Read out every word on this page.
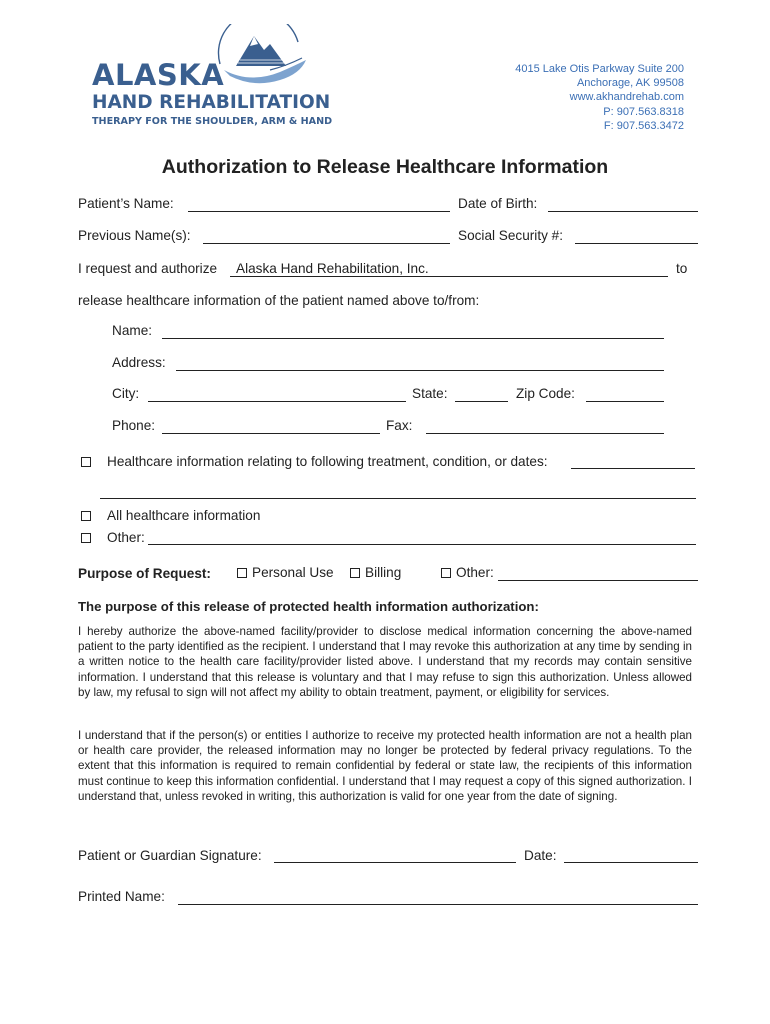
ALASKA
HAND REHABILITATION
THERAPY FOR THE SHOULDER, ARM & HAND
4015 Lake Otis Parkway Suite 200
Anchorage, AK 99508
www.akhandrehab.com
P: 907.563.8318
F: 907.563.3472
Authorization to Release Healthcare Information
Patient’s Name:	Date of Birth:
Previous Name(s):	Social Security #:
I request and authorize Alaska Hand Rehabilitation, Inc.	to
release healthcare information of the patient named above to/from:
Name:
Address:
City:	State:	Zip Code:
Phone:	Fax:
Healthcare information relating to following treatment, condition, or dates:
All healthcare information
Other:
Purpose of Request:	Personal Use Billing	Other:
The purpose of this release of protected health information authorization:
I hereby authorize the above-named facility/provider to disclose medical information concerning the above-named patient to the party identified as the recipient. I understand that I may revoke this authorization at any time by sending in a written notice to the health care facility/provider listed above. I understand that my records may contain sensitive information. I understand that this release is voluntary and that I may refuse to sign this authorization. Unless allowed by law, my refusal to sign will not affect my ability to obtain treatment, payment, or eligibility for services.
I understand that if the person(s) or entities I authorize to receive my protected health information are not a health plan or health care provider, the released information may no longer be protected by federal privacy regulations. To the extent that this information is required to remain confidential by federal or state law, the recipients of this information must continue to keep this information confidential. I understand that I may request a copy of this signed authorization. I understand that, unless revoked in writing, this authorization is valid for one year from the date of signing.
Patient or Guardian Signature:	Date:
Printed Name:
